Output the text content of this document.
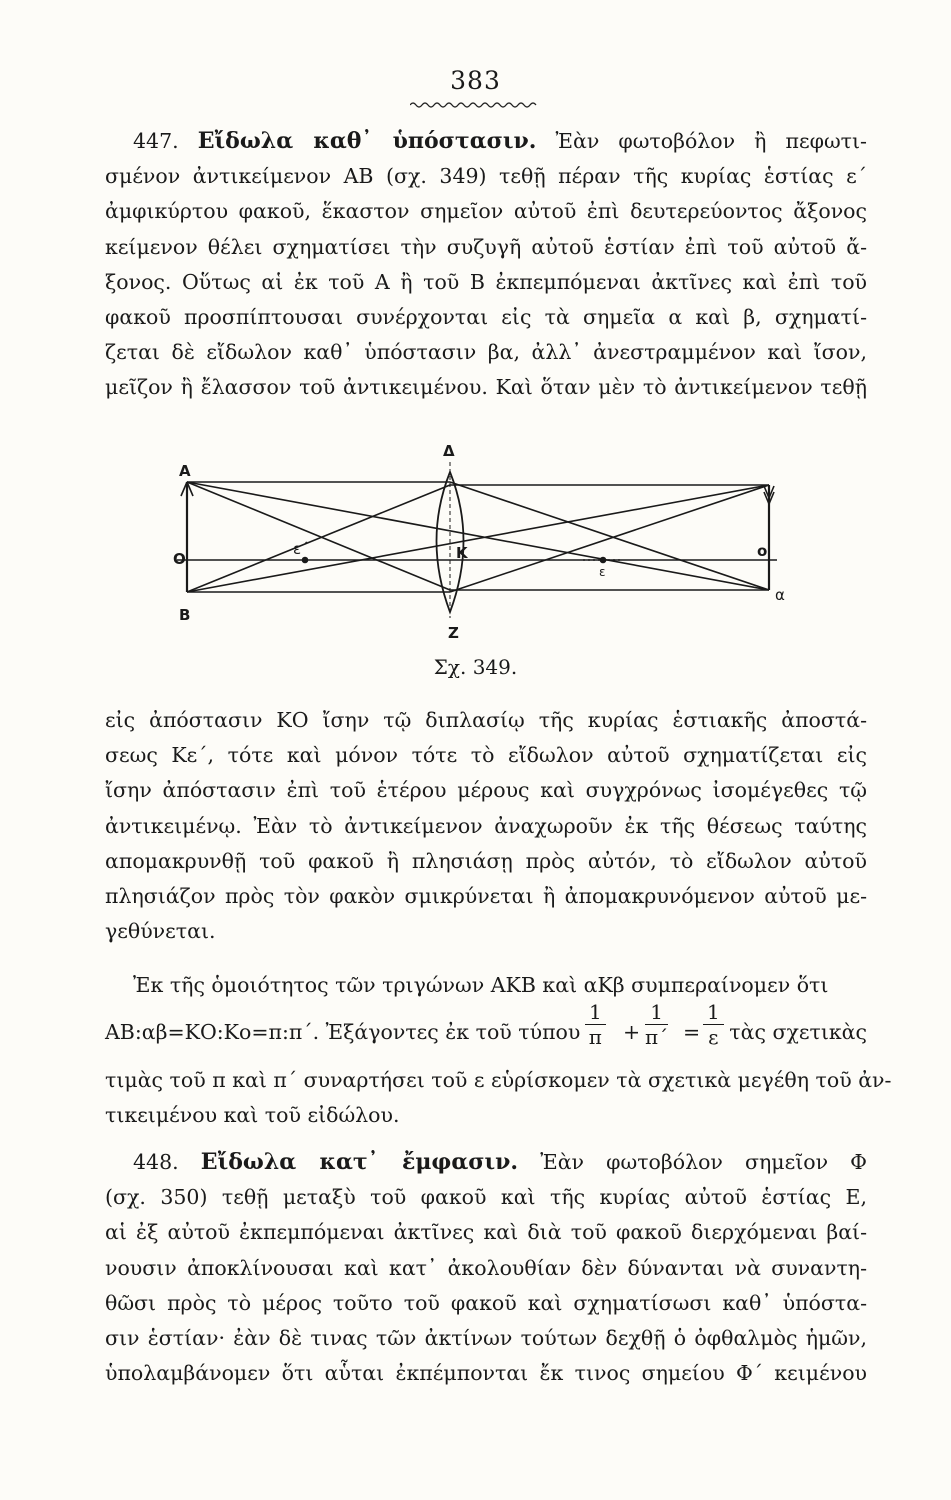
383
447. Εἴδωλα καθ᾿ ὑπόστασιν. Ἐὰν φωτοβόλον ἢ πεφωτι-
σμένον ἀντικείμενον ΑΒ (σχ. 349) τεθῇ πέραν τῆς κυρίας ἑστίας ε΄
ἀμφικύρτου φακοῦ, ἕκαστον σημεῖον αὐτοῦ ἐπὶ δευτερεύοντος ἄξονος
κείμενον θέλει σχηματίσει τὴν συζυγῆ αὐτοῦ ἑστίαν ἐπὶ τοῦ αὐτοῦ ἄ-
ξονος. Οὕτως αἱ ἐκ τοῦ Α ἢ τοῦ Β ἐκπεμπόμεναι ἀκτῖνες καὶ ἐπὶ τοῦ
φακοῦ προσπίπτουσαι συνέρχονται εἰς τὰ σημεῖα α καὶ β, σχηματί-
ζεται δὲ εἴδωλον καθ᾿ ὑπόστασιν βα, ἀλλ᾿ ἀνεστραμμένον καὶ ἴσον,
μεῖζον ἢ ἔλασσον τοῦ ἀντικειμένου. Καὶ ὅταν μὲν τὸ ἀντικείμενον τεθῇ
Α
Ο
Β
Δ
Ζ
Κ
ε΄
ε
ο
α
Σχ. 349.
εἰς ἀπόστασιν ΚΟ ἴσην τῷ διπλασίῳ τῆς κυρίας ἑστιακῆς ἀποστά-
σεως Κε΄, τότε καὶ μόνον τότε τὸ εἴδωλον αὐτοῦ σχηματίζεται εἰς
ἴσην ἀπόστασιν ἐπὶ τοῦ ἑτέρου μέρους καὶ συγχρόνως ἰσομέγεθες τῷ
ἀντικειμένῳ. Ἐὰν τὸ ἀντικείμενον ἀναχωροῦν ἐκ τῆς θέσεως ταύτης
απομακρυνθῇ τοῦ φακοῦ ἢ πλησιάσῃ πρὸς αὐτόν, τὸ εἴδωλον αὐτοῦ
πλησιάζον πρὸς τὸν φακὸν σμικρύνεται ἢ ἀπομακρυνόμενον αὐτοῦ με-
γεθύνεται.
Ἐκ τῆς ὁμοιότητος τῶν τριγώνων ΑΚΒ καὶ αΚβ συμπεραίνομεν ὅτι
ΑΒ:αβ=ΚΟ:Κο=π:π΄. Ἐξάγοντες ἐκ τοῦ τύπου $\frac{1}{\pi} + \frac{1}{\pi΄} = \frac{1}{\varepsilon}$ τὰς σχετικὰς
τιμὰς τοῦ π καὶ π΄ συναρτήσει τοῦ ε εὑρίσκομεν τὰ σχετικὰ μεγέθη τοῦ ἀν-
τικειμένου καὶ τοῦ εἰδώλου.
448. Εἴδωλα κατ᾿ ἔμφασιν. Ἐὰν φωτοβόλον σημεῖον Φ
(σχ. 350) τεθῇ μεταξὺ τοῦ φακοῦ καὶ τῆς κυρίας αὐτοῦ ἑστίας Ε,
αἱ ἐξ αὐτοῦ ἐκπεμπόμεναι ἀκτῖνες καὶ διὰ τοῦ φακοῦ διερχόμεναι βαί-
νουσιν ἀποκλίνουσαι καὶ κατ᾿ ἀκολουθίαν δὲν δύνανται νὰ συναντη-
θῶσι πρὸς τὸ μέρος τοῦτο τοῦ φακοῦ καὶ σχηματίσωσι καθ᾿ ὑπόστα-
σιν ἑστίαν· ἐὰν δὲ τινας τῶν ἀκτίνων τούτων δεχθῇ ὁ ὀφθαλμὸς ἡμῶν,
ὑπολαμβάνομεν ὅτι αὗται ἐκπέμπονται ἔκ τινος σημείου Φ΄ κειμένου
